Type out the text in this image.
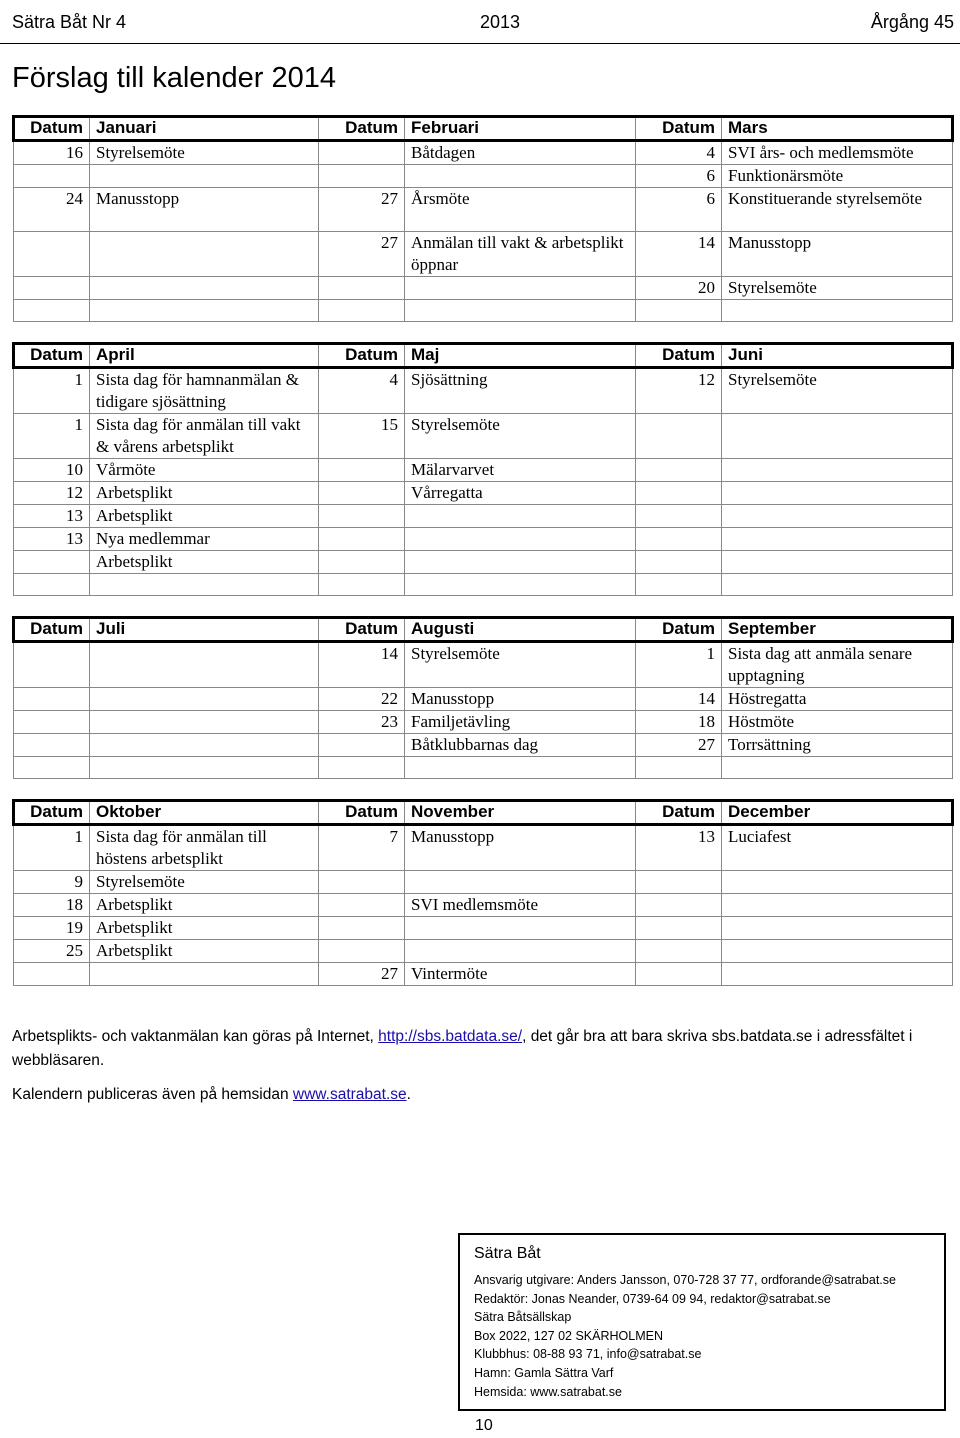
Sätra Båt Nr 4	2013	Årgång 45
Förslag till kalender 2014
Datum	Januari	Datum	Februari	Datum	Mars
16	Styrelsemöte		Båtdagen	4	SVI års- och medlemsmöte
				6	Funktionärsmöte
24	Manusstopp	27	Årsmöte	6	Konstituerande styrelsemöte
		27	Anmälan till vakt & arbetsplikt öppnar	14	Manusstopp
				20	Styrelsemöte

Datum	April	Datum	Maj	Datum	Juni
1	Sista dag för hamnanmälan & tidigare sjösättning	4	Sjösättning	12	Styrelsemöte
1	Sista dag för anmälan till vakt & vårens arbetsplikt	15	Styrelsemöte		
10	Vårmöte		Mälarvarvet		
12	Arbetsplikt		Vårregatta		
13	Arbetsplikt				
13	Nya medlemmar				
	Arbetsplikt				

Datum	Juli	Datum	Augusti	Datum	September
		14	Styrelsemöte	1	Sista dag att anmäla senare upptagning
		22	Manusstopp	14	Höstregatta
		23	Familjetävling	18	Höstmöte
			Båtklubbarnas dag	27	Torrsättning

Datum	Oktober	Datum	November	Datum	December
1	Sista dag för anmälan till höstens arbetsplikt	7	Manusstopp	13	Luciafest
9	Styrelsemöte				
18	Arbetsplikt		SVI medlemsmöte		
19	Arbetsplikt				
25	Arbetsplikt				
		27	Vintermöte		

Arbetsplikts- och vaktanmälan kan göras på Internet, http://sbs.batdata.se/, det går bra att bara skriva sbs.batdata.se i adressfältet i webbläsaren.

Kalendern publiceras även på hemsidan www.satrabat.se.

Sätra Båt
Ansvarig utgivare: Anders Jansson, 070-728 37 77, ordforande@satrabat.se
Redaktör: Jonas Neander, 0739-64 09 94, redaktor@satrabat.se
Sätra Båtsällskap
Box 2022, 127 02 SKÄRHOLMEN
Klubbhus: 08-88 93 71, info@satrabat.se
Hamn: Gamla Sättra Varf
Hemsida: www.satrabat.se
10
